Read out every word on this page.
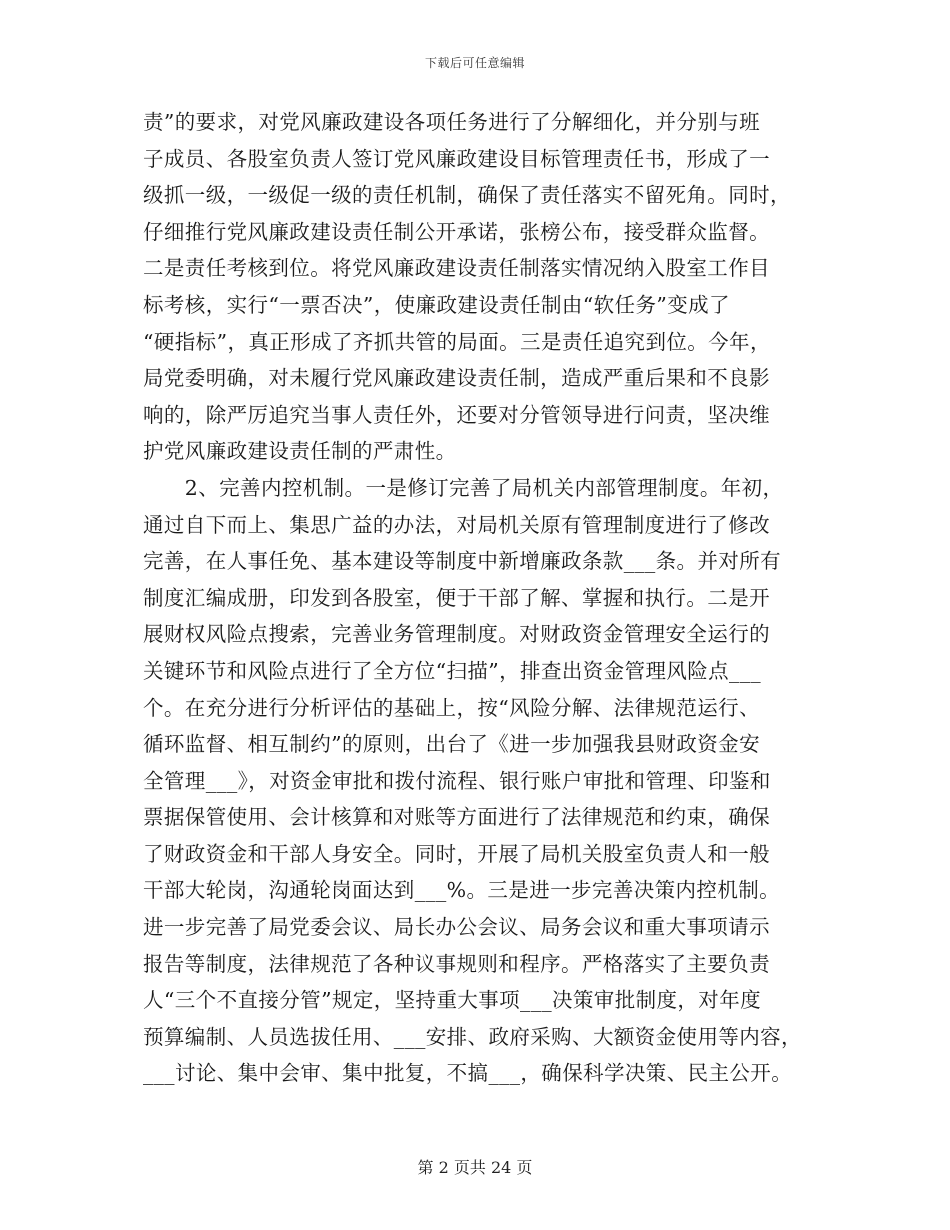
下载后可任意编辑
责”的要求，对党风廉政建设各项任务进行了分解细化，并分别与班
子成员、各股室负责人签订党风廉政建设目标管理责任书，形成了一
级抓一级，一级促一级的责任机制，确保了责任落实不留死角。同时，
仔细推行党风廉政建设责任制公开承诺，张榜公布，接受群众监督。
二是责任考核到位。将党风廉政建设责任制落实情况纳入股室工作目
标考核，实行“一票否决”，使廉政建设责任制由“软任务”变成了
“硬指标”，真正形成了齐抓共管的局面。三是责任追究到位。今年，
局党委明确，对未履行党风廉政建设责任制，造成严重后果和不良影
响的，除严厉追究当事人责任外，还要对分管领导进行问责，坚决维
护党风廉政建设责任制的严肃性。
　　2、完善内控机制。一是修订完善了局机关内部管理制度。年初，
通过自下而上、集思广益的办法，对局机关原有管理制度进行了修改
完善，在人事任免、基本建设等制度中新增廉政条款___条。并对所有
制度汇编成册，印发到各股室，便于干部了解、掌握和执行。二是开
展财权风险点搜索，完善业务管理制度。对财政资金管理安全运行的
关键环节和风险点进行了全方位“扫描”，排查出资金管理风险点___
个。在充分进行分析评估的基础上，按“风险分解、法律规范运行、
循环监督、相互制约”的原则，出台了《进一步加强我县财政资金安
全管理___》，对资金审批和拨付流程、银行账户审批和管理、印鉴和
票据保管使用、会计核算和对账等方面进行了法律规范和约束，确保
了财政资金和干部人身安全。同时，开展了局机关股室负责人和一般
干部大轮岗，沟通轮岗面达到___%。三是进一步完善决策内控机制。
进一步完善了局党委会议、局长办公会议、局务会议和重大事项请示
报告等制度，法律规范了各种议事规则和程序。严格落实了主要负责
人“三个不直接分管”规定，坚持重大事项___决策审批制度，对年度
预算编制、人员选拔任用、___安排、政府采购、大额资金使用等内容，
___讨论、集中会审、集中批复，不搞___，确保科学决策、民主公开。
第 2 页共 24 页
